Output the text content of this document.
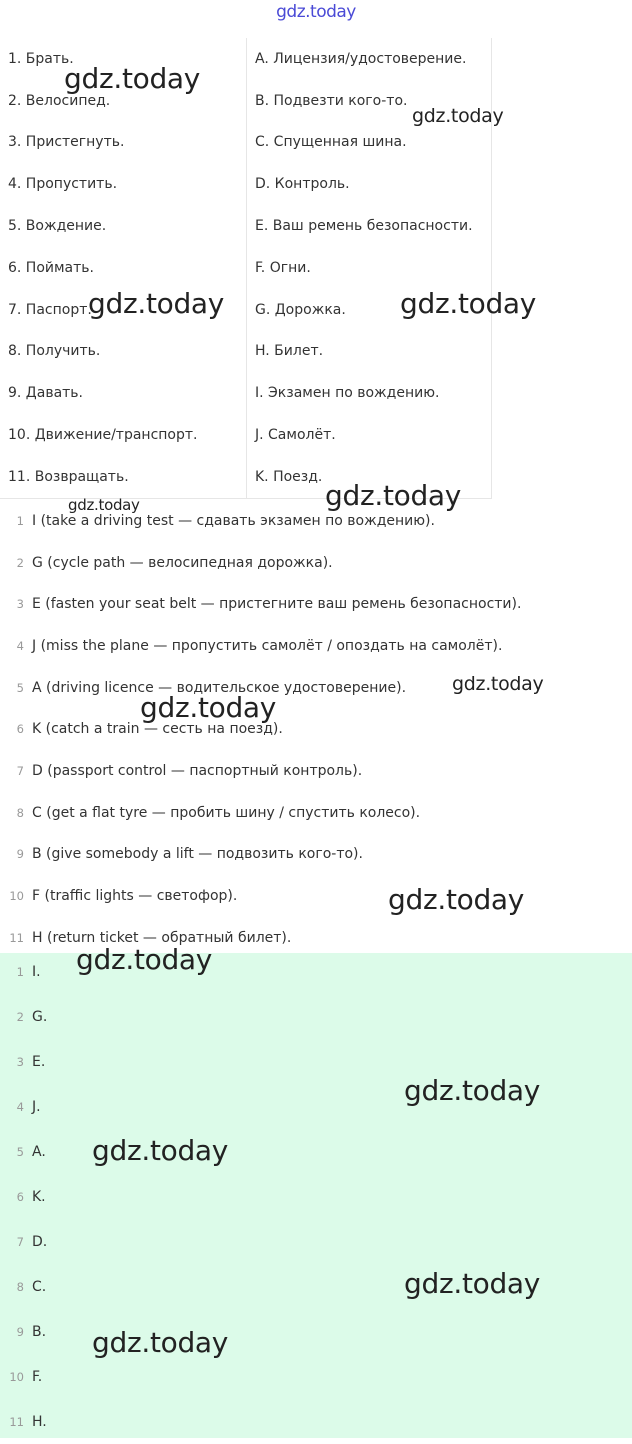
gdz.today
1. Брать.	A. Лицензия/удостоверение.
2. Велосипед.	B. Подвезти кого-то.
3. Пристегнуть.	C. Спущенная шина.
4. Пропустить.	D. Контроль.
5. Вождение.	E. Ваш ремень безопасности.
6. Поймать.	F. Огни.
7. Паспорт.	G. Дорожка.
8. Получить.	H. Билет.
9. Давать.	I. Экзамен по вождению.
10. Движение/транспорт.	J. Самолёт.
11. Возвращать.	K. Поезд.
1 I (take a driving test — сдавать экзамен по вождению).
2 G (cycle path — велосипедная дорожка).
3 E (fasten your seat belt — пристегните ваш ремень безопасности).
4 J (miss the plane — пропустить самолёт / опоздать на самолёт).
5 A (driving licence — водительское удостоверение).
6 K (catch a train — сесть на поезд).
7 D (passport control — паспортный контроль).
8 C (get a flat tyre — пробить шину / спустить колесо).
9 B (give somebody a lift — подвозить кого-то).
10 F (traffic lights — светофор).
11 H (return ticket — обратный билет).
1 I.
2 G.
3 E.
4 J.
5 A.
6 K.
7 D.
8 C.
9 B.
10 F.
11 H.
gdz.today
gdz.today
gdz.today	gdz.today
gdz.today
gdz.today
gdz.today
gdz.today
gdz.today
gdz.today
gdz.today
gdz.today
gdz.today
gdz.today
